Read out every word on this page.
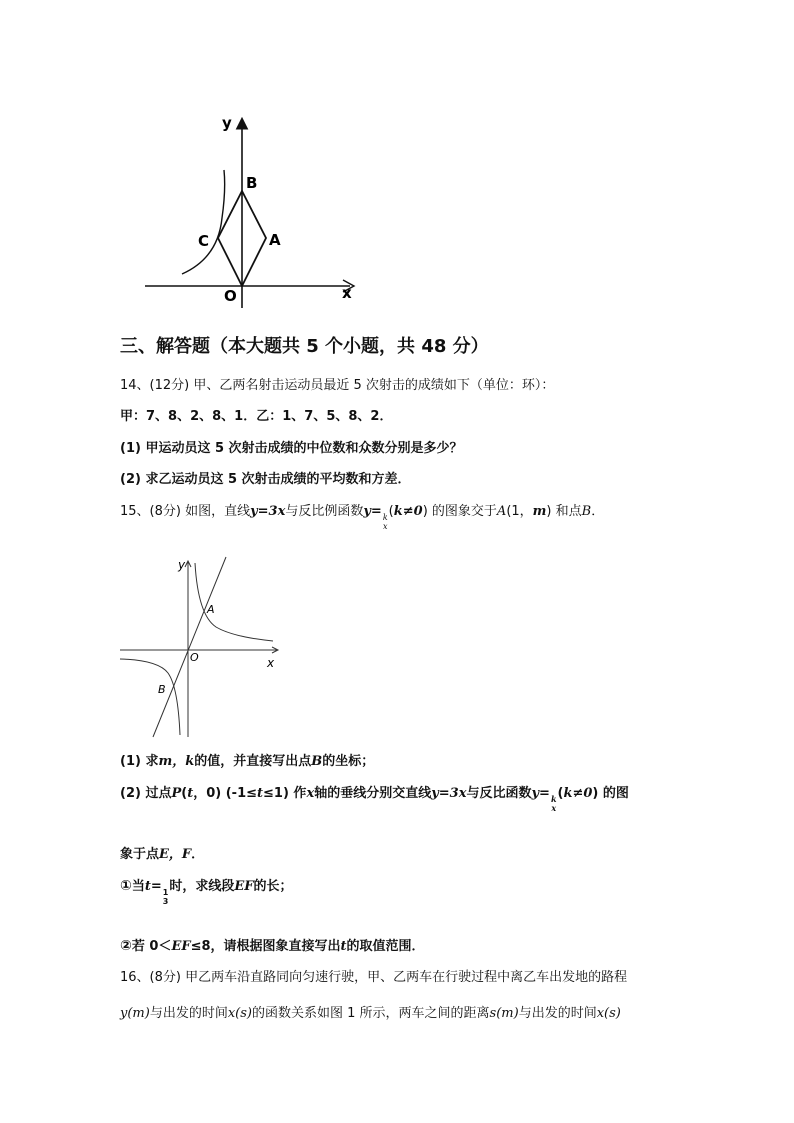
y
x
O
A
B
C
三、解答题（本大题共 5 个小题，共 48 分）
14、(12分) 甲、乙两名射击运动员最近 5 次射击的成绩如下（单位：环）：
甲：7、8、2、8、1．乙：1、7、5、8、2．
(1) 甲运动员这 5 次射击成绩的中位数和众数分别是多少？
(2) 求乙运动员这 5 次射击成绩的平均数和方差．
15、(8分) 如图，直线y=3x与反比例函数y= k
x
(k≠0) 的图象交于A(1，m) 和点B．
y
x
O
A
B
(1) 求m，k的值，并直接写出点B的坐标；
(2) 过点P(t，0) (-1≤t≤1) 作x轴的垂线分别交直线y=3x与反比函数y= k
x
(k≠0) 的图
象于点E，F．
①当t= 1
3
时，求线段EF的长；
②若 0＜EF≤8，请根据图象直接写出t的取值范围．
16、(8分) 甲乙两车沿直路同向匀速行驶，甲、乙两车在行驶过程中离乙车出发地的路程
y(m)与出发的时间x(s)的函数关系如图 1 所示，两车之间的距离s(m)与出发的时间x(s)
